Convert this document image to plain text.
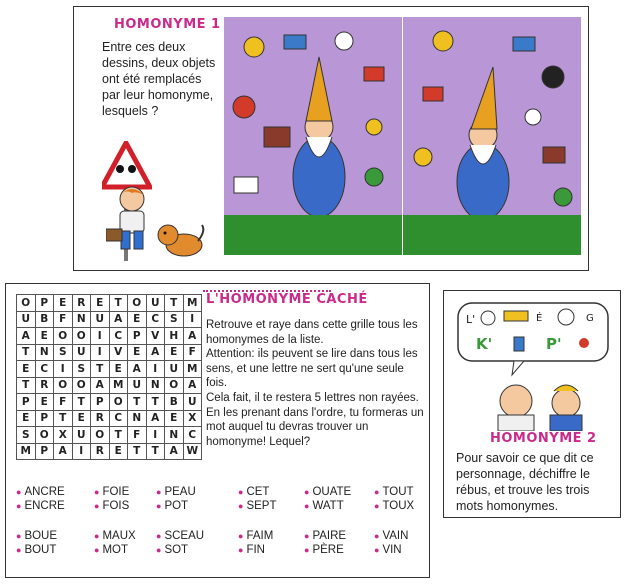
HOMONYME 1
Entre ces deux dessins, deux objets ont été remplacés par leur homonyme, lesquels ?
O	P	E	R	E	T	O	U	T	M
U	B	F	N	U	A	E	C	S	I
A	E	O	O	I	C	P	V	H	A
T	N	S	U	I	V	E	A	E	F
E	C	I	S	T	E	A	I	U	M
T	R	O	O	A	M	U	N	O	A
P	E	F	T	P	O	T	T	B	U
E	P	T	E	R	C	N	A	E	X
S	O	X	U	O	T	F	I	N	C
M	P	A	I	R	E	T	T	A	W
L'HOMONYME CACHÉ

Retrouve et raye dans cette grille tous les homonymes de la liste.

Attention: ils peuvent se lire dans tous les sens, et une lettre ne sert qu'une seule fois.

Cela fait, il te restera 5 lettres non rayées.

En les prenant dans l'ordre, tu formeras un mot auquel tu devras trouver un homonyme! Lequel?

● ANCRE	● FOIE	● PEAU	● CET	● OUATE	● TOUT
● ENCRE	● FOIS	● POT	● SEPT	● WATT	● TOUX
● BOUE	● MAUX ● SCEAU	● FAIM	● PAIRE	● VAIN
● BOUT	● MOT	● SOT	● FIN	● PÈRE	● VIN
L'	É	G
K'	P'
HOMONYME 2
Pour savoir ce que dit ce personnage, déchiffre le rébus, et trouve les trois mots homonymes.
